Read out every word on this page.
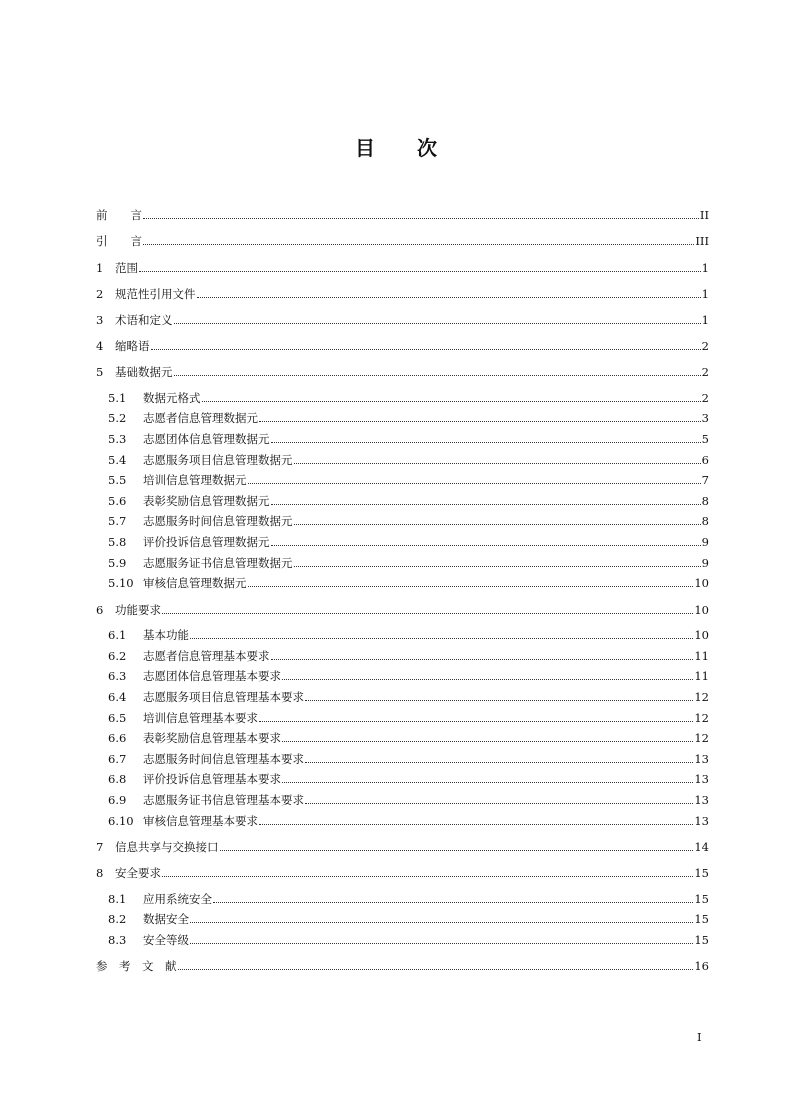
目 次
前　　言	II
引　　言	III
1	范围	1
2	规范性引用文件	1
3	术语和定义	1
4	缩略语	2
5	基础数据元	2
5.1	数据元格式	2
5.2	志愿者信息管理数据元	3
5.3	志愿团体信息管理数据元	5
5.4	志愿服务项目信息管理数据元	6
5.5	培训信息管理数据元	7
5.6	表彰奖励信息管理数据元	8
5.7	志愿服务时间信息管理数据元	8
5.8	评价投诉信息管理数据元	9
5.9	志愿服务证书信息管理数据元	9
5.10 审核信息管理数据元	10
6	功能要求	10
6.1	基本功能	10
6.2	志愿者信息管理基本要求	11
6.3	志愿团体信息管理基本要求	11
6.4	志愿服务项目信息管理基本要求	12
6.5	培训信息管理基本要求	12
6.6	表彰奖励信息管理基本要求	12
6.7	志愿服务时间信息管理基本要求	13
6.8	评价投诉信息管理基本要求	13
6.9	志愿服务证书信息管理基本要求	13
6.10 审核信息管理基本要求	13
7	信息共享与交换接口	14
8	安全要求	15
8.1	应用系统安全	15
8.2	数据安全	15
8.3	安全等级	15
参　考　文　献	16
I
